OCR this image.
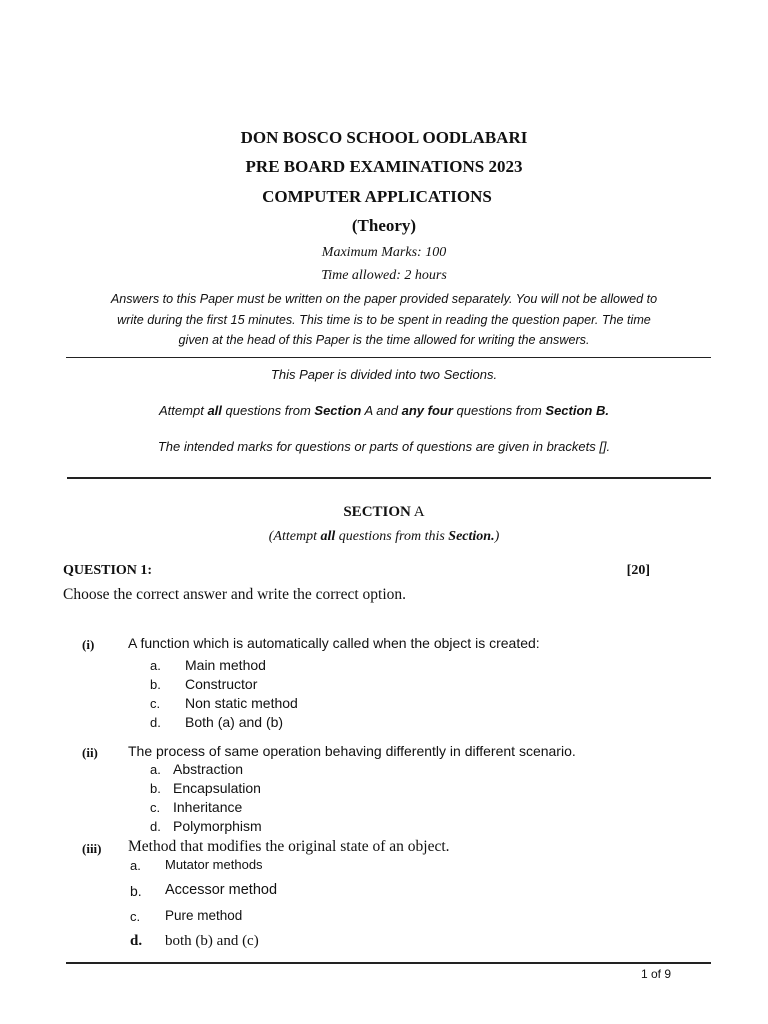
DON BOSCO SCHOOL OODLABARI
PRE BOARD EXAMINATIONS 2023
COMPUTER APPLICATIONS
(Theory)
Maximum Marks: 100
Time allowed: 2 hours
Answers to this Paper must be written on the paper provided separately. You will not be allowed to
write during the first 15 minutes. This time is to be spent in reading the question paper. The time
given at the head of this Paper is the time allowed for writing the answers.
This Paper is divided into two Sections.
Attempt all questions from Section A and any four questions from Section B.
The intended marks for questions or parts of questions are given in brackets [].
SECTION A
(Attempt all questions from this Section.)
QUESTION 1:	[20]
Choose the correct answer and write the correct option.
(i) A function which is automatically called when the object is created:
a. Main method
b. Constructor
c. Non static method
d. Both (a) and (b)
(ii) The process of same operation behaving differently in different scenario.
a. Abstraction
b. Encapsulation
c. Inheritance
d. Polymorphism
(iii) Method that modifies the original state of an object.
a. Mutator methods
b. Accessor method
c. Pure method
d. both (b) and (c)
1 of 9
